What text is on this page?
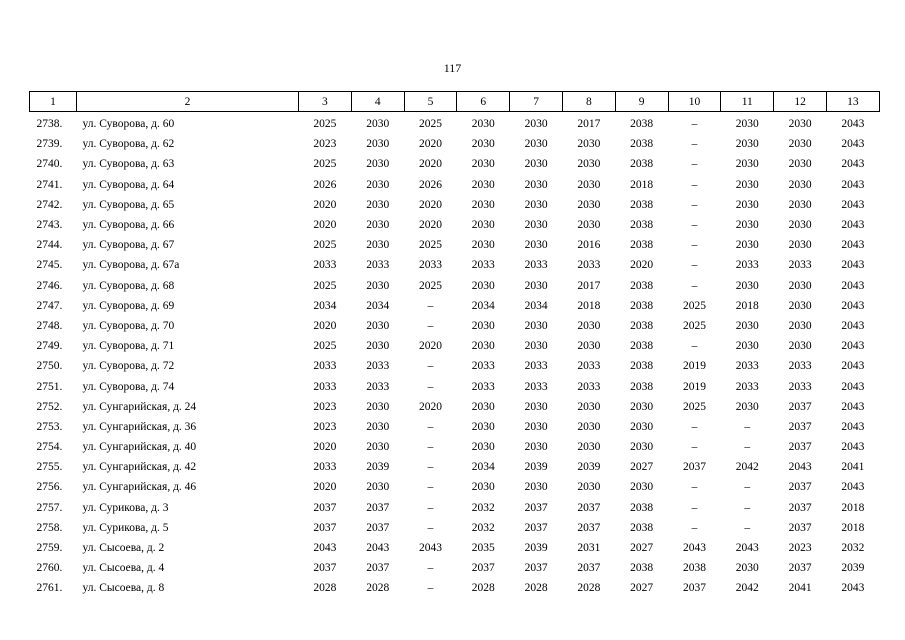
117
1	2	3	4	5	6	7	8	9	10	11	12	13
2738.	ул. Суворова, д. 60	2025	2030	2025	2030	2030	2017	2038	–	2030	2030	2043
2739.	ул. Суворова, д. 62	2023	2030	2020	2030	2030	2030	2038	–	2030	2030	2043
2740.	ул. Суворова, д. 63	2025	2030	2020	2030	2030	2030	2038	–	2030	2030	2043
2741.	ул. Суворова, д. 64	2026	2030	2026	2030	2030	2030	2018	–	2030	2030	2043
2742.	ул. Суворова, д. 65	2020	2030	2020	2030	2030	2030	2038	–	2030	2030	2043
2743.	ул. Суворова, д. 66	2020	2030	2020	2030	2030	2030	2038	–	2030	2030	2043
2744.	ул. Суворова, д. 67	2025	2030	2025	2030	2030	2016	2038	–	2030	2030	2043
2745.	ул. Суворова, д. 67а	2033	2033	2033	2033	2033	2033	2020	–	2033	2033	2043
2746.	ул. Суворова, д. 68	2025	2030	2025	2030	2030	2017	2038	–	2030	2030	2043
2747.	ул. Суворова, д. 69	2034	2034	–	2034	2034	2018	2038	2025	2018	2030	2043
2748.	ул. Суворова, д. 70	2020	2030	–	2030	2030	2030	2038	2025	2030	2030	2043
2749.	ул. Суворова, д. 71	2025	2030	2020	2030	2030	2030	2038	–	2030	2030	2043
2750.	ул. Суворова, д. 72	2033	2033	–	2033	2033	2033	2038	2019	2033	2033	2043
2751.	ул. Суворова, д. 74	2033	2033	–	2033	2033	2033	2038	2019	2033	2033	2043
2752.	ул. Сунгарийская, д. 24	2023	2030	2020	2030	2030	2030	2030	2025	2030	2037	2043
2753.	ул. Сунгарийская, д. 36	2023	2030	–	2030	2030	2030	2030	–	–	2037	2043
2754.	ул. Сунгарийская, д. 40	2020	2030	–	2030	2030	2030	2030	–	–	2037	2043
2755.	ул. Сунгарийская, д. 42	2033	2039	–	2034	2039	2039	2027	2037	2042	2043	2041
2756.	ул. Сунгарийская, д. 46	2020	2030	–	2030	2030	2030	2030	–	–	2037	2043
2757.	ул. Сурикова, д. 3	2037	2037	–	2032	2037	2037	2038	–	–	2037	2018
2758.	ул. Сурикова, д. 5	2037	2037	–	2032	2037	2037	2038	–	–	2037	2018
2759.	ул. Сысоева, д. 2	2043	2043	2043	2035	2039	2031	2027	2043	2043	2023	2032
2760.	ул. Сысоева, д. 4	2037	2037	–	2037	2037	2037	2038	2038	2030	2037	2039
2761.	ул. Сысоева, д. 8	2028	2028	–	2028	2028	2028	2027	2037	2042	2041	2043
